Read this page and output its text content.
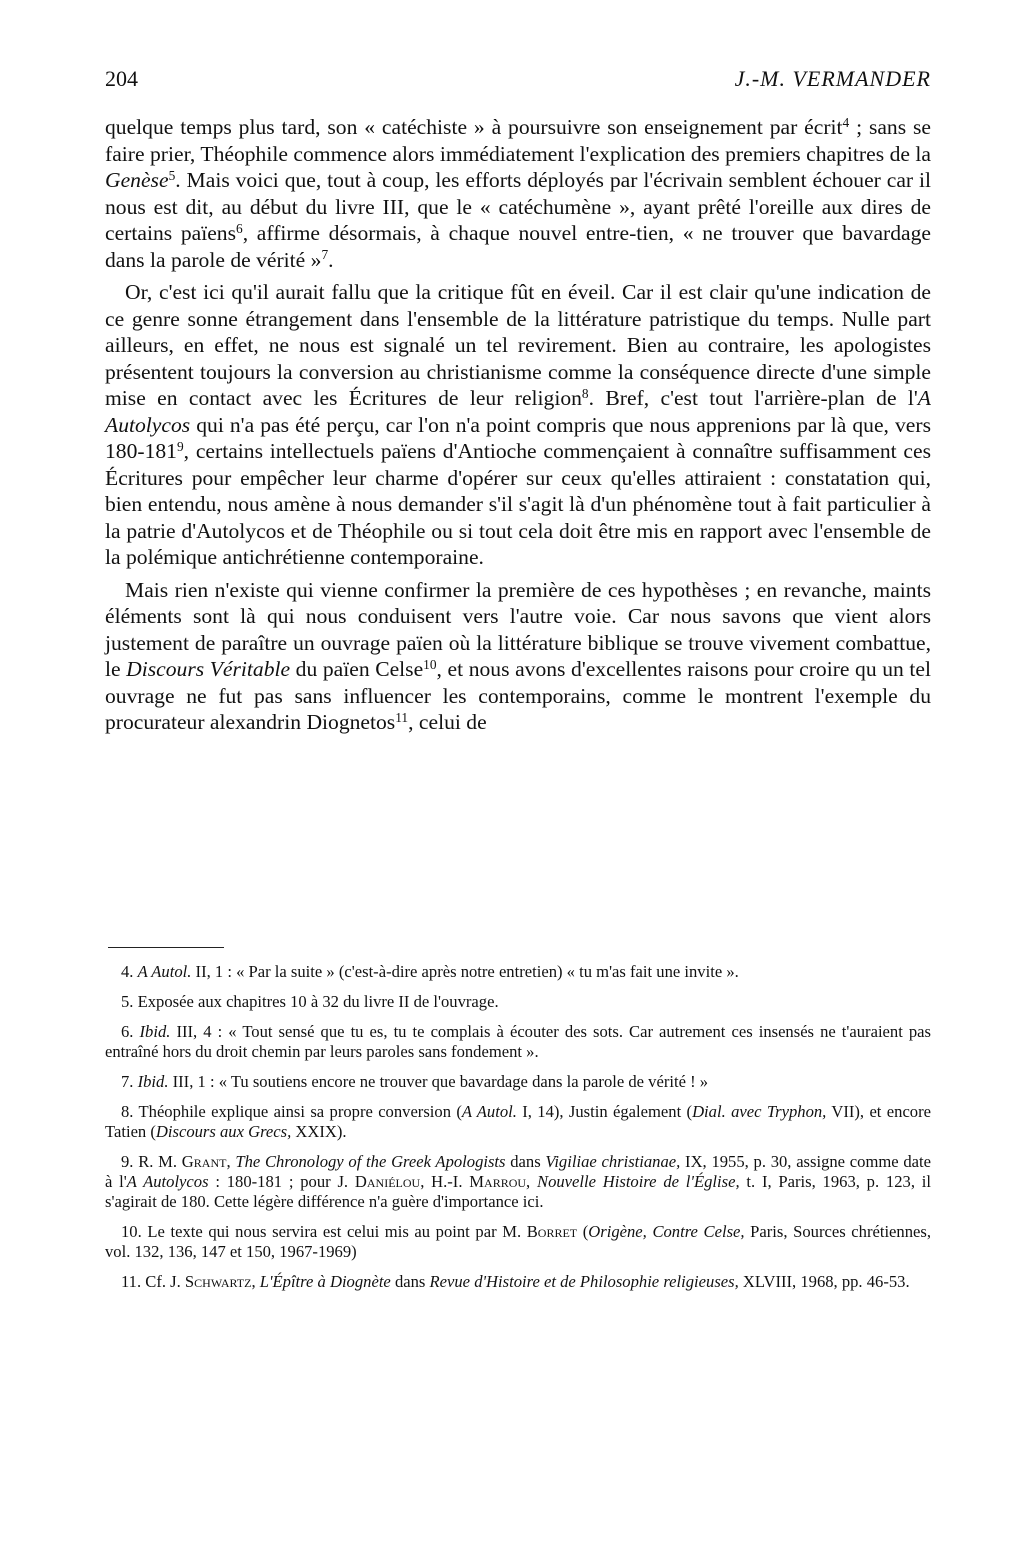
204	J.-M. VERMANDER

quelque temps plus tard, son « catéchiste » à poursuivre son enseignement par écrit$^4$ ; sans se faire prier, Théophile commence alors immédiatement l'explication des premiers chapitres de la Genèse$^5$. Mais voici que, tout à coup, les efforts déployés par l'écrivain semblent échouer car il nous est dit, au début du livre III, que le « catéchumène », ayant prêté l'oreille aux dires de certains païens$^6$, affirme désormais, à chaque nouvel entre-tien, « ne trouver que bavardage dans la parole de vérité »$^7$.

Or, c'est ici qu'il aurait fallu que la critique fût en éveil. Car il est clair qu'une indication de ce genre sonne étrangement dans l'ensemble de la littérature patristique du temps. Nulle part ailleurs, en effet, ne nous est signalé un tel revirement. Bien au contraire, les apologistes présentent toujours la conversion au christianisme comme la conséquence directe d'une simple mise en contact avec les Écritures de leur religion$^8$. Bref, c'est tout l'arrière-plan de l'A Autolycos qui n'a pas été perçu, car l'on n'a point compris que nous apprenions par là que, vers $180-181^9$, certains intellectuels païens d'Antioche commençaient à connaître suffisamment ces Écritures pour empêcher leur charme d'opérer sur ceux qu'elles attiraient : constatation qui, bien entendu, nous amène à nous demander s'il s'agit là d'un phénomène tout à fait particulier à la patrie d'Autolycos et de Théophile ou si tout cela doit être mis en rapport avec l'ensemble de la polémique antichrétienne contemporaine.

Mais rien n'existe qui vienne confirmer la première de ces hypothèses ; en revanche, maints éléments sont là qui nous conduisent vers l'autre voie. Car nous savons que vient alors justement de paraître un ouvrage païen où la littérature biblique se trouve vivement combattue, le Discours Véritable du païen Celse$^{10}$, et nous avons d'excellentes raisons pour croire qu un tel ouvrage ne fut pas sans influencer les contemporains, comme le montrent l'exemple du procurateur alexandrin Diognetos$^{11}$, celui de

4. A Autol. II, 1 : « Par la suite » (c'est-à-dire après notre entretien) « tu m'as fait une invite ».

5. Exposée aux chapitres 10 à 32 du livre II de l'ouvrage.

6. Ibid. III, 4 : « Tout sensé que tu es, tu te complais à écouter des sots. Car autrement ces insensés ne t'auraient pas entraîné hors du droit chemin par leurs paroles sans fondement ».

7. Ibid. III, 1 : « Tu soutiens encore ne trouver que bavardage dans la parole de vérité ! »

8. Théophile explique ainsi sa propre conversion (A Autol. I, 14), Justin également (Dial. avec Tryphon, VII), et encore Tatien (Discours aux Grecs, XXIX).

9. R. M. Grant, The Chronology of the Greek Apologists dans Vigiliae christianae, IX, 1955, p. 30, assigne comme date à l'A Autolycos : 180-181 ; pour J. Daniélou, H.-I. Marrou, Nouvelle Histoire de l'Église, t. I, Paris, 1963, p. 123, il s'agirait de 180. Cette légère différence n'a guère d'importance ici.

10. Le texte qui nous servira est celui mis au point par M. Borret (Origène, Contre Celse, Paris, Sources chrétiennes, vol. 132, 136, 147 et 150, 1967-1969)

11. Cf. J. Schwartz, L'Épître à Diognète dans Revue d'Histoire et de Philosophie religieuses, XLVIII, 1968, pp. 46-53.
